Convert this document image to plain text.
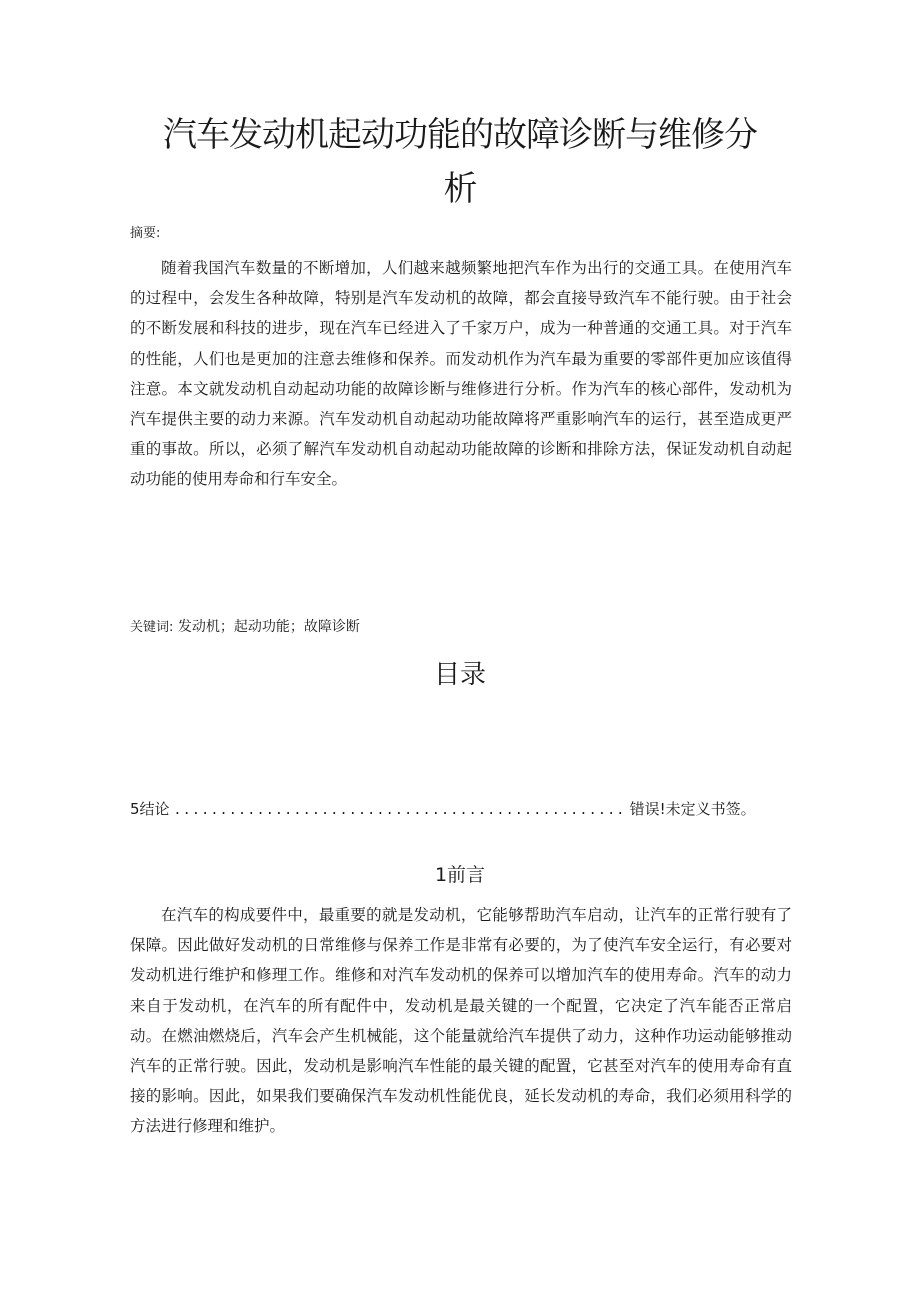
汽车发动机起动功能的故障诊断与维修分析
摘要:

随着我国汽车数量的不断增加，人们越来越频繁地把汽车作为出行的交通工具。在使用汽车的过程中，会发生各种故障，特别是汽车发动机的故障，都会直接导致汽车不能行驶。由于社会的不断发展和科技的进步，现在汽车已经进入了千家万户，成为一种普通的交通工具。对于汽车的性能，人们也是更加的注意去维修和保养。而发动机作为汽车最为重要的零部件更加应该值得注意。本文就发动机自动起动功能的故障诊断与维修进行分析。作为汽车的核心部件，发动机为汽车提供主要的动力来源。汽车发动机自动起动功能故障将严重影响汽车的运行，甚至造成更严重的事故。所以，必须了解汽车发动机自动起动功能故障的诊断和排除方法，保证发动机自动起动功能的使用寿命和行车安全。

关键词: 发动机；起动功能；故障诊断
目录
5结论 ................................................. 错误!未定义书签。
1前言

在汽车的构成要件中，最重要的就是发动机，它能够帮助汽车启动，让汽车的正常行驶有了保障。因此做好发动机的日常维修与保养工作是非常有必要的，为了使汽车安全运行，有必要对发动机进行维护和修理工作。维修和对汽车发动机的保养可以增加汽车的使用寿命。汽车的动力来自于发动机，在汽车的所有配件中，发动机是最关键的一个配置，它决定了汽车能否正常启动。在燃油燃烧后，汽车会产生机械能，这个能量就给汽车提供了动力，这种作功运动能够推动汽车的正常行驶。因此，发动机是影响汽车性能的最关键的配置，它甚至对汽车的使用寿命有直接的影响。因此，如果我们要确保汽车发动机性能优良，延长发动机的寿命，我们必须用科学的方法进行修理和维护。
